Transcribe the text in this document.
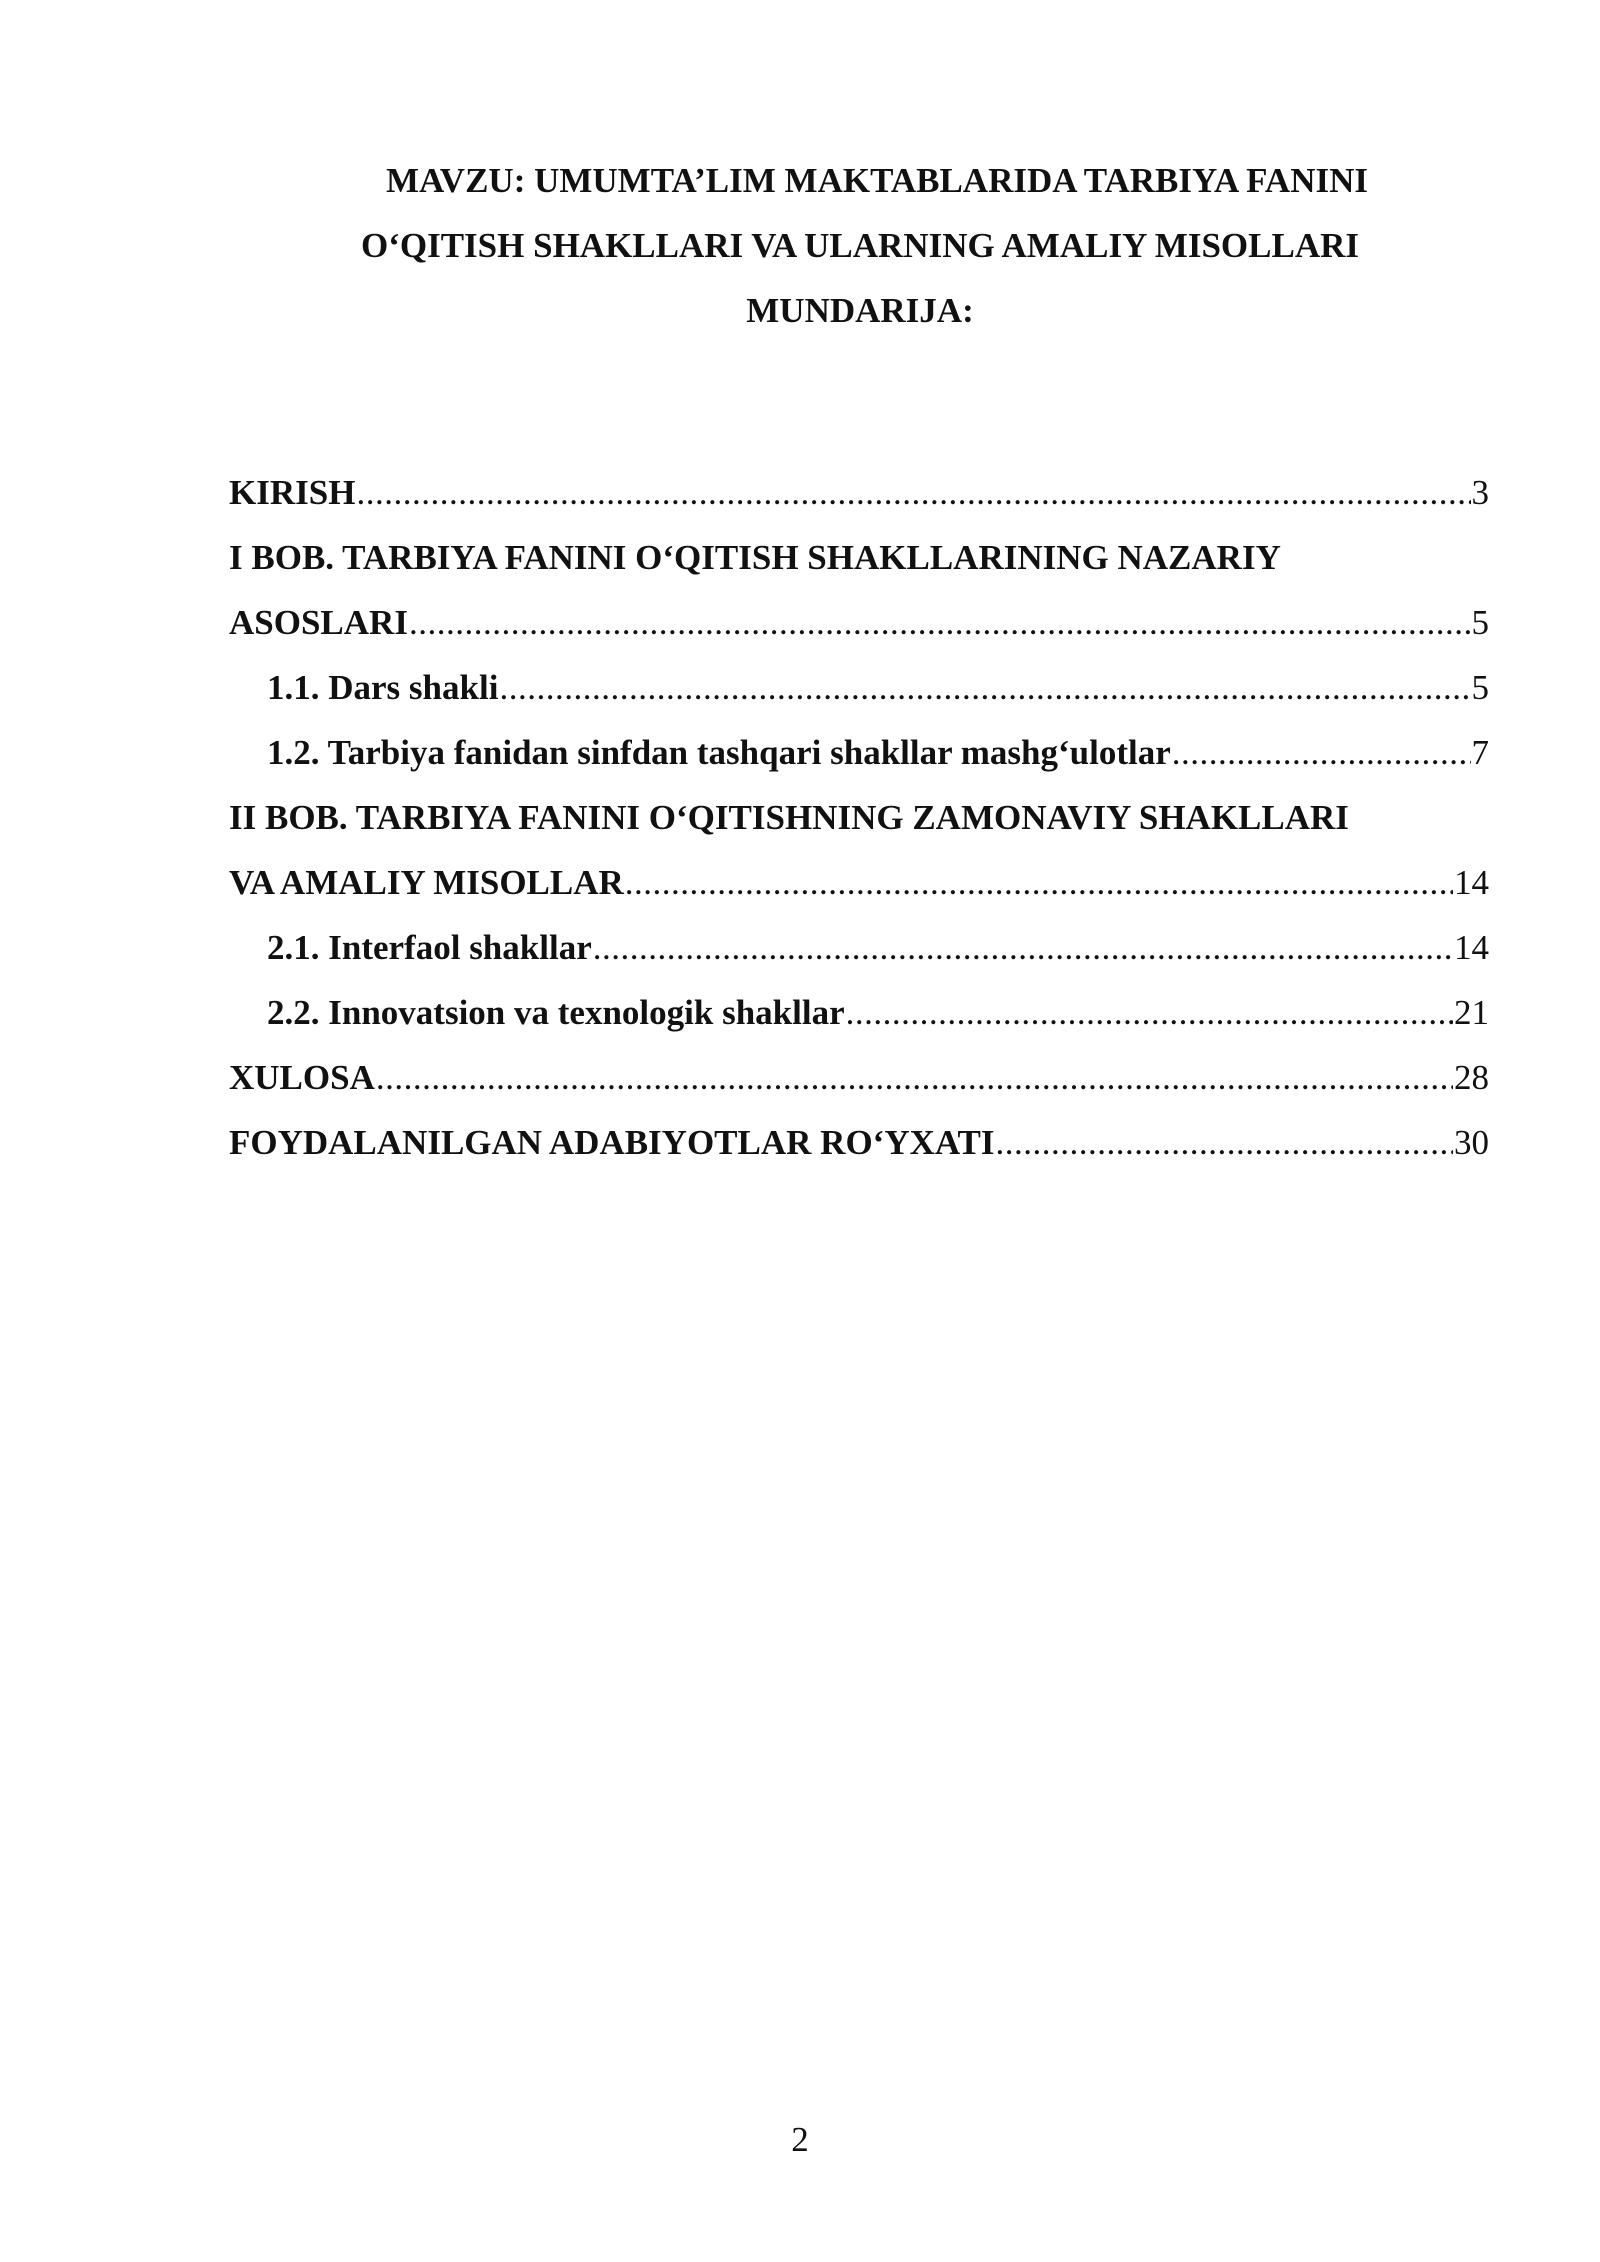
MAVZU: UMUMTA’LIM MAKTABLARIDA TARBIYA FANINI
O‘QITISH SHAKLLARI VA ULARNING AMALIY MISOLLARI
MUNDARIJA:
KIRISH .....	3
I BOB. TARBIYA FANINI O‘QITISH SHAKLLARINING NAZARIY
ASOSLARI .....	5
1.1. Dars shakli .....	5
1.2. Tarbiya fanidan sinfdan tashqari shakllar mashg‘ulotlar .....	7
II BOB. TARBIYA FANINI O‘QITISHNING ZAMONAVIY SHAKLLARI
VA AMALIY MISOLLAR .....	14
2.1. Interfaol shakllar .....	14
2.2. Innovatsion va texnologik shakllar .....	21
XULOSA .....	28
FOYDALANILGAN ADABIYOTLAR RO‘YXATI .....	30
2
